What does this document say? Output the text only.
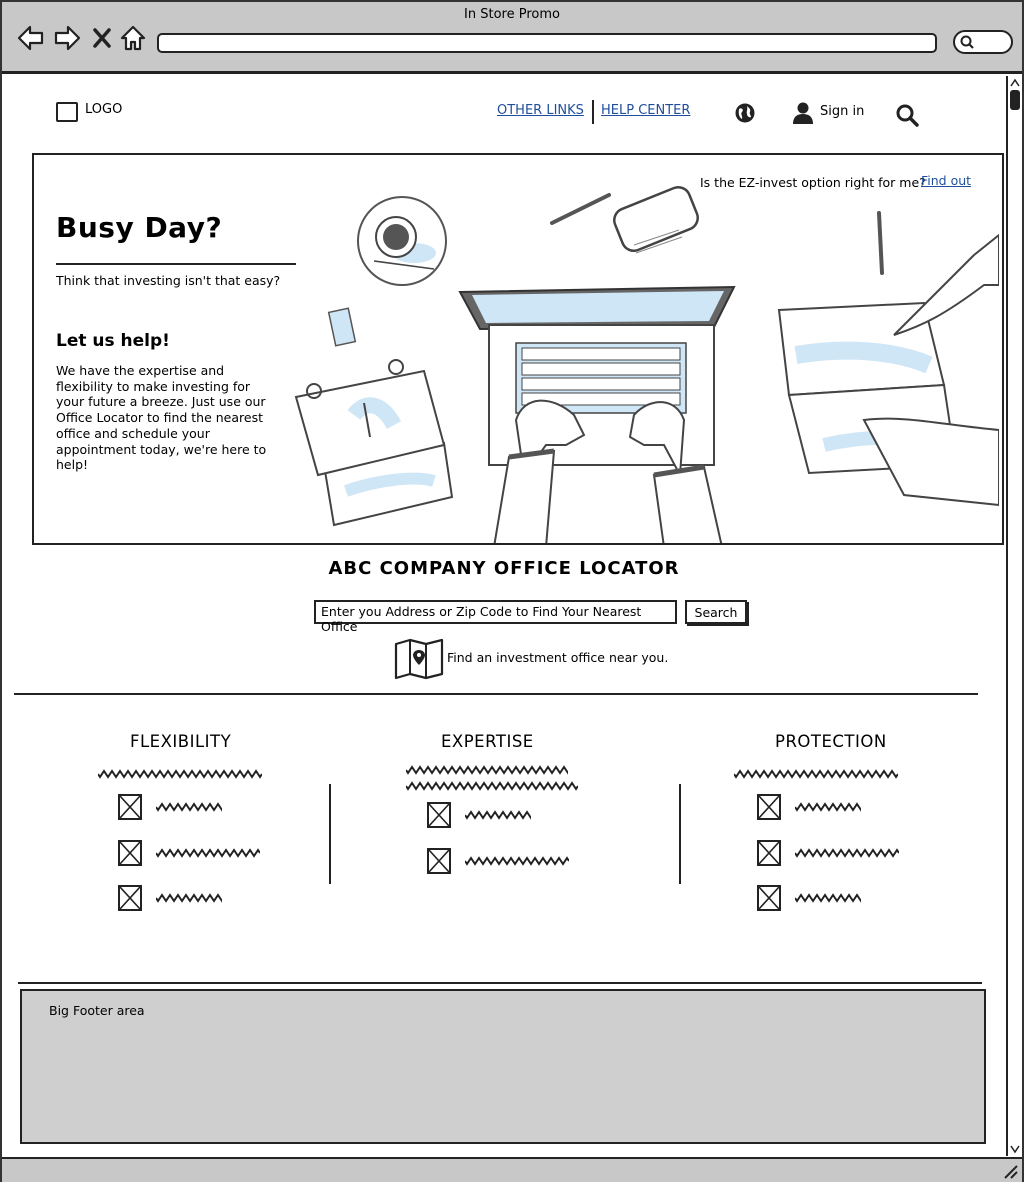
In Store Promo
LOGO	OTHER LINKS HELP CENTER	Sign in
Busy Day?
Think that investing isn't that easy?
Let us help!
We have the expertise and flexibility to make investing for your future a breeze. Just use our Office Locator to find the nearest office and schedule your appointment today, we're here to help!
Is the EZ-invest option right for me?
Find out
ABC COMPANY OFFICE LOCATOR
Enter you Address or Zip Code to Find Your Nearest Office
Search
Find an investment office near you.
FLEXIBILITY	EXPERTISE	PROTECTION
Big Footer area
